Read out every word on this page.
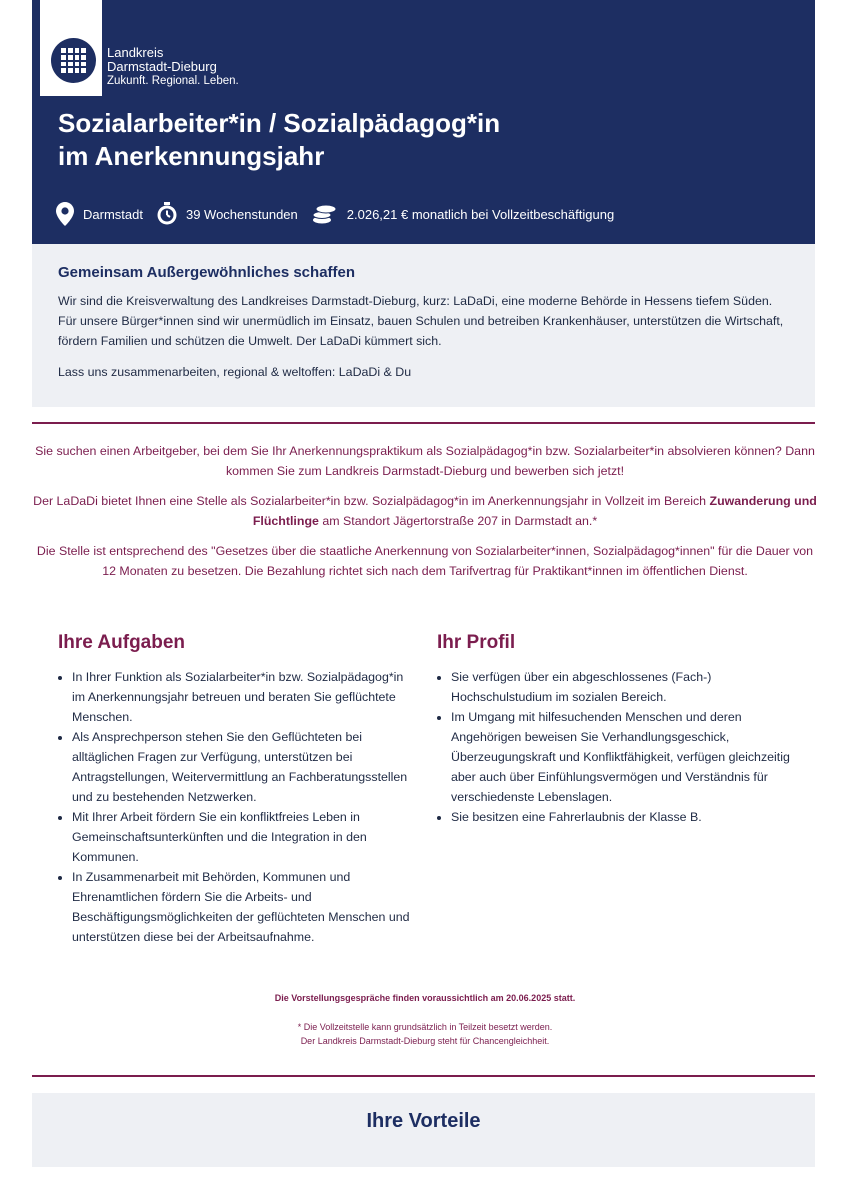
Landkreis
Darmstadt-Dieburg
Zukunft. Regional. Leben.
Sozialarbeiter*in / Sozialpädagog*in
im Anerkennungsjahr
Darmstadt	39 Wochenstunden	2.026,21 € monatlich bei Vollzeitbeschäftigung
Gemeinsam Außergewöhnliches schaffen

Wir sind die Kreisverwaltung des Landkreises Darmstadt-Dieburg, kurz: LaDaDi, eine moderne Behörde in Hessens tiefem Süden. Für unsere Bürger*innen sind wir unermüdlich im Einsatz, bauen Schulen und betreiben Krankenhäuser, unterstützen die Wirtschaft, fördern Familien und schützen die Umwelt. Der LaDaDi kümmert sich.

Lass uns zusammenarbeiten, regional & weltoffen: LaDaDi & Du

Sie suchen einen Arbeitgeber, bei dem Sie Ihr Anerkennungspraktikum als Sozialpädagog*in bzw. Sozialarbeiter*in absolvieren können? Dann kommen Sie zum Landkreis Darmstadt-Dieburg und bewerben sich jetzt!

Der LaDaDi bietet Ihnen eine Stelle als Sozialarbeiter*in bzw. Sozialpädagog*in im Anerkennungsjahr in Vollzeit im Bereich Zuwanderung und Flüchtlinge am Standort Jägertorstraße 207 in Darmstadt an.*

Die Stelle ist entsprechend des "Gesetzes über die staatliche Anerkennung von Sozialarbeiter*innen, Sozialpädagog*innen" für die Dauer von 12 Monaten zu besetzen. Die Bezahlung richtet sich nach dem Tarifvertrag für Praktikant*innen im öffentlichen Dienst.

Ihre Aufgaben
• In Ihrer Funktion als Sozialarbeiter*in bzw. Sozialpädagog*in im Anerkennungsjahr betreuen und beraten Sie geflüchtete Menschen.
• Als Ansprechperson stehen Sie den Geflüchteten bei alltäglichen Fragen zur Verfügung, unterstützen bei Antragstellungen, Weitervermittlung an Fachberatungsstellen und zu bestehenden Netzwerken.
• Mit Ihrer Arbeit fördern Sie ein konfliktfreies Leben in Gemeinschaftsunterkünften und die Integration in den Kommunen.
• In Zusammenarbeit mit Behörden, Kommunen und Ehrenamtlichen fördern Sie die Arbeits- und Beschäftigungsmöglichkeiten der geflüchteten Menschen und unterstützen diese bei der Arbeitsaufnahme.
Ihr Profil
• Sie verfügen über ein abgeschlossenes (Fach-) Hochschulstudium im sozialen Bereich.
• Im Umgang mit hilfesuchenden Menschen und deren Angehörigen beweisen Sie Verhandlungsgeschick, Überzeugungskraft und Konfliktfähigkeit, verfügen gleichzeitig aber auch über Einfühlungsvermögen und Verständnis für verschiedenste Lebenslagen.
• Sie besitzen eine Fahrerlaubnis der Klasse B.

Die Vorstellungsgespräche finden voraussichtlich am 20.06.2025 statt.

* Die Vollzeitstelle kann grundsätzlich in Teilzeit besetzt werden.

Der Landkreis Darmstadt-Dieburg steht für Chancengleichheit.

Ihre Vorteile
